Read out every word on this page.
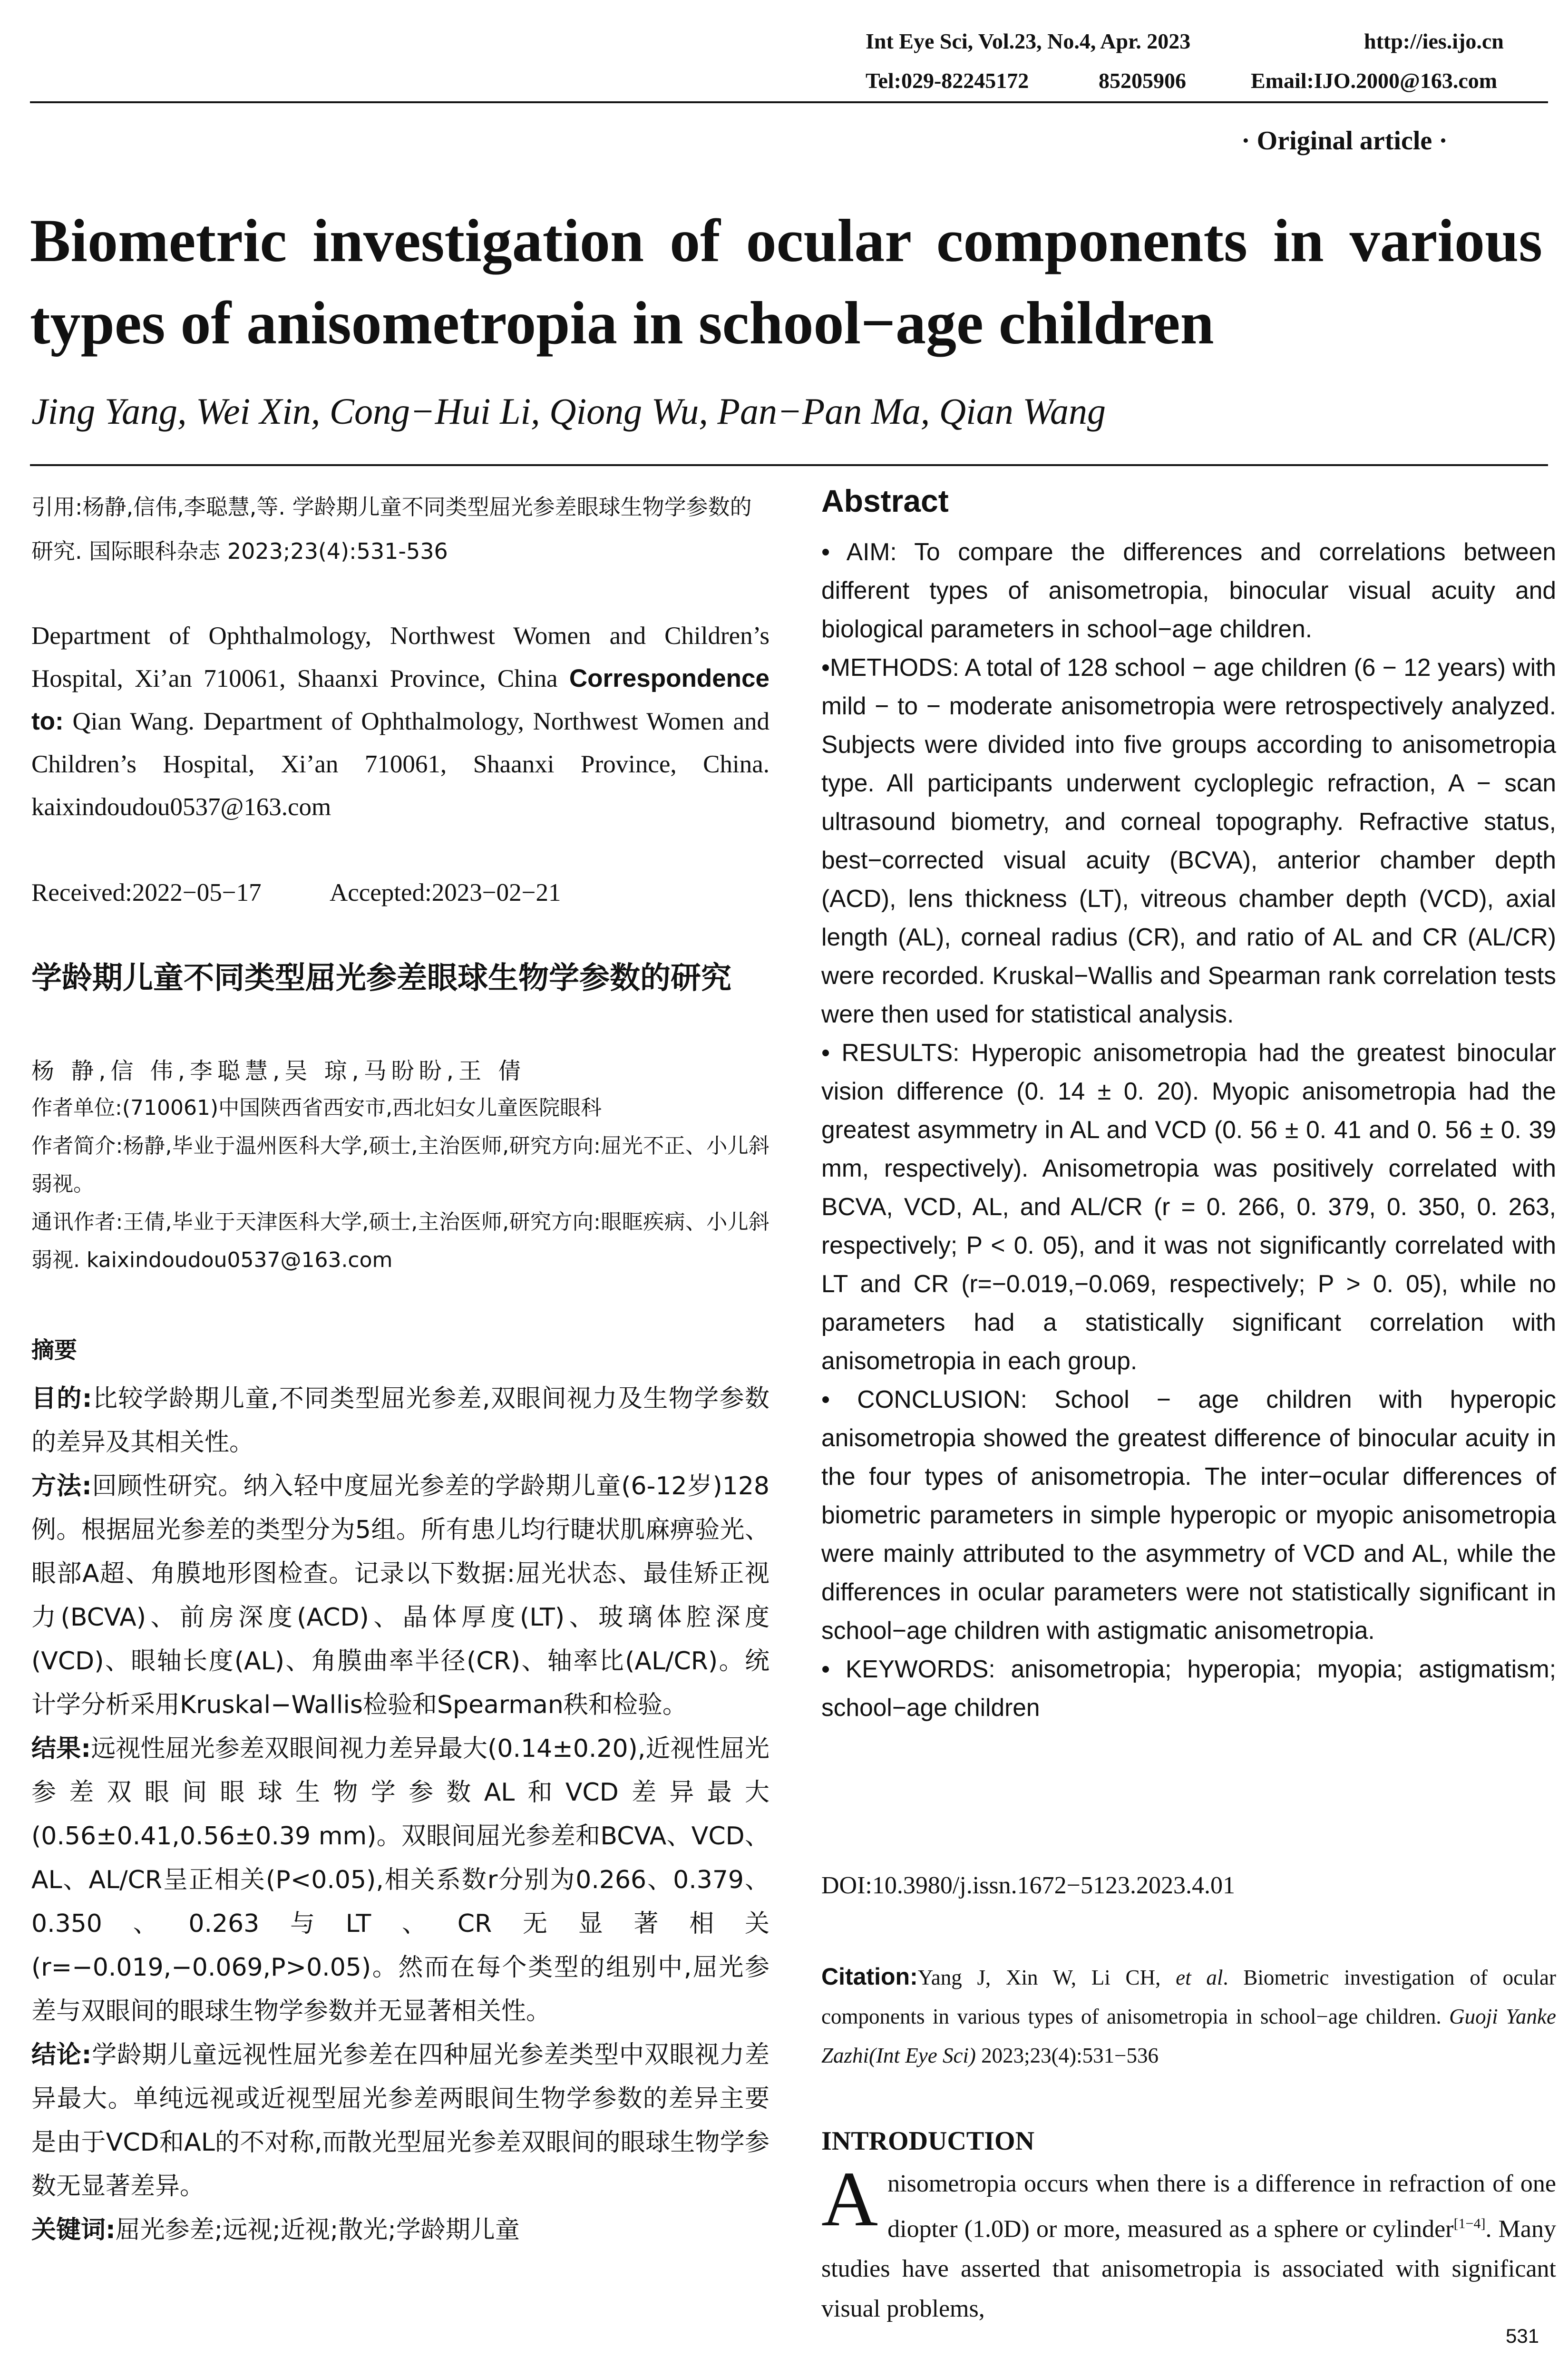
Int Eye Sci, Vol.23, No.4, Apr. 2023	http://ies.ijo.cn
Tel:029-82245172	85205906	Email:IJO.2000@163.com
· Original article ·
Biometric investigation of ocular components in various types of anisometropia in school−age children
Jing Yang, Wei Xin, Cong−Hui Li, Qiong Wu, Pan−Pan Ma, Qian Wang
引用:杨静,信伟,李聪慧,等. 学龄期儿童不同类型屈光参差眼球生物学参数的研究. 国际眼科杂志 2023;23(4):531-536
Department of Ophthalmology, Northwest Women and Children’s Hospital, Xi’an 710061, Shaanxi Province, China Correspondence to: Qian Wang. Department of Ophthalmology, Northwest Women and Children’s Hospital, Xi’an 710061, Shaanxi Province, China. kaixindoudou0537@163.com
Received:2022−05−17	Accepted:2023−02−21
学龄期儿童不同类型屈光参差眼球生物学参数的研究
杨 静,信 伟,李聪慧,吴 琼,马盼盼,王 倩
作者单位:(710061)中国陕西省西安市,西北妇女儿童医院眼科
作者简介:杨静,毕业于温州医科大学,硕士,主治医师,研究方向:屈光不正、小儿斜弱视。
通讯作者:王倩,毕业于天津医科大学,硕士,主治医师,研究方向:眼眶疾病、小儿斜弱视. kaixindoudou0537@163.com
摘要

目的:比较学龄期儿童,不同类型屈光参差,双眼间视力及生物学参数的差异及其相关性。

方法:回顾性研究。纳入轻中度屈光参差的学龄期儿童(6-12岁)128例。根据屈光参差的类型分为5组。所有患儿均行睫状肌麻痹验光、眼部A超、角膜地形图检查。记录以下数据:屈光状态、最佳矫正视力(BCVA)、前房深度(ACD)、晶体厚度(LT)、玻璃体腔深度(VCD)、眼轴长度(AL)、角膜曲率半径(CR)、轴率比(AL/CR)。统计学分析采用Kruskal−Wallis检验和Spearman秩和检验。

结果:远视性屈光参差双眼间视力差异最大(0.14±0.20),近视性屈光参差双眼间眼球生物学参数AL和VCD差异最大(0.56±0.41,0.56±0.39 mm)。双眼间屈光参差和BCVA、VCD、AL、AL/CR呈正相关(P<0.05),相关系数r分别为0.266、0.379、0.350、0.263与LT、CR无显著相关(r=−0.019,−0.069,P>0.05)。然而在每个类型的组别中,屈光参差与双眼间的眼球生物学参数并无显著相关性。

结论:学龄期儿童远视性屈光参差在四种屈光参差类型中双眼视力差异最大。单纯远视或近视型屈光参差两眼间生物学参数的差异主要是由于VCD和AL的不对称,而散光型屈光参差双眼间的眼球生物学参数无显著差异。

关键词:屈光参差;远视;近视;散光;学龄期儿童

Abstract

• AIM: To compare the differences and correlations between different types of anisometropia, binocular visual acuity and biological parameters in school−age children.

•METHODS: A total of 128 school − age children (6 − 12 years) with mild − to − moderate anisometropia were retrospectively analyzed. Subjects were divided into five groups according to anisometropia type. All participants underwent cycloplegic refraction, A − scan ultrasound biometry, and corneal topography. Refractive status, best−corrected visual acuity (BCVA), anterior chamber depth (ACD), lens thickness (LT), vitreous chamber depth (VCD), axial length (AL), corneal radius (CR), and ratio of AL and CR (AL/CR) were recorded. Kruskal−Wallis and Spearman rank correlation tests were then used for statistical analysis.

• RESULTS: Hyperopic anisometropia had the greatest binocular vision difference (0. 14 ± 0. 20). Myopic anisometropia had the greatest asymmetry in AL and VCD (0. 56 ± 0. 41 and 0. 56 ± 0. 39 mm, respectively). Anisometropia was positively correlated with BCVA, VCD, AL, and AL/CR (r = 0. 266, 0. 379, 0. 350, 0. 263, respectively; P < 0. 05), and it was not significantly correlated with LT and CR (r=−0.019,−0.069, respectively; P > 0. 05), while no parameters had a statistically significant correlation with anisometropia in each group.

• CONCLUSION: School − age children with hyperopic anisometropia showed the greatest difference of binocular acuity in the four types of anisometropia. The inter−ocular differences of biometric parameters in simple hyperopic or myopic anisometropia were mainly attributed to the asymmetry of VCD and AL, while the differences in ocular parameters were not statistically significant in school−age children with astigmatic anisometropia.

• KEYWORDS: anisometropia; hyperopia; myopia; astigmatism; school−age children

DOI:10.3980/j.issn.1672−5123.2023.4.01
Citation:Yang J, Xin W, Li CH, et al. Biometric investigation of ocular components in various types of anisometropia in school−age children. Guoji Yanke Zazhi(Int Eye Sci) 2023;23(4):531−536
INTRODUCTION
Anisometropia occurs when there is a difference in refraction of one diopter (1.0D) or more, measured as a sphere or cylinder[1−4]. Many studies have asserted that anisometropia is associated with significant visual problems,
531
